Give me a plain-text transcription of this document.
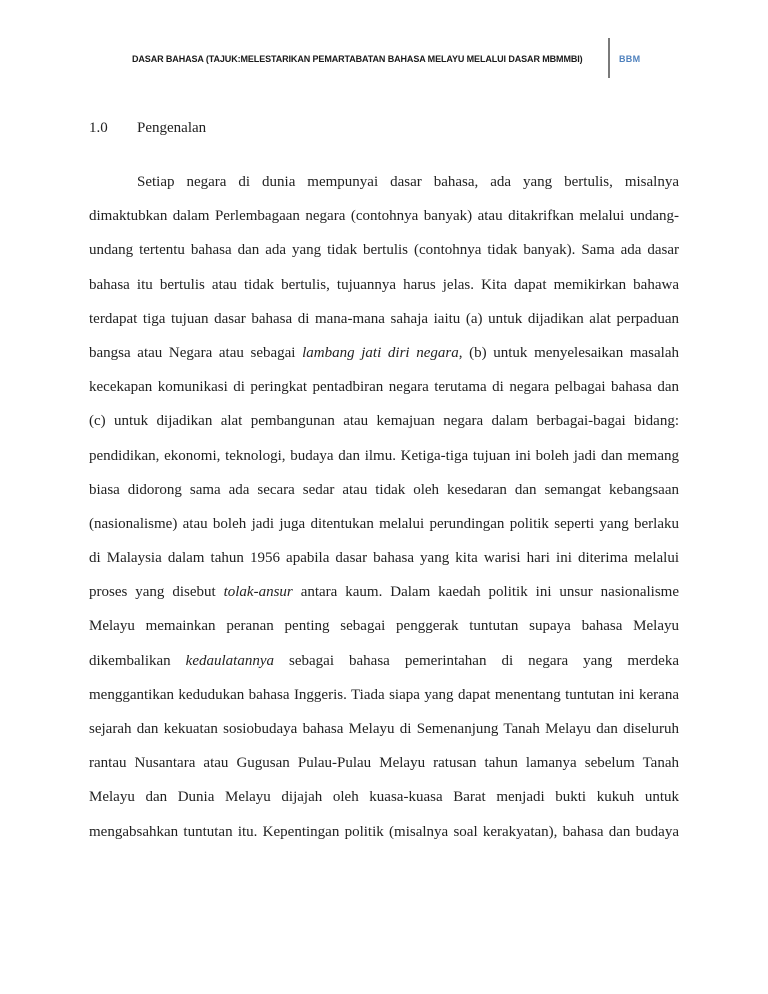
DASAR BAHASA (TAJUK:MELESTARIKAN PEMARTABATAN BAHASA MELAYU MELALUI DASAR MBMMBI)	BBM
1.0 Pengenalan
Setiap negara di dunia mempunyai dasar bahasa, ada yang bertulis, misalnya
dimaktubkan dalam Perlembagaan negara (contohnya banyak) atau ditakrifkan melalui undang-
undang tertentu bahasa dan ada yang tidak bertulis (contohnya tidak banyak). Sama ada dasar
bahasa itu bertulis atau tidak bertulis, tujuannya harus jelas. Kita dapat memikirkan bahawa
terdapat tiga tujuan dasar bahasa di mana-mana sahaja iaitu (a) untuk dijadikan alat perpaduan
bangsa atau Negara atau sebagai lambang jati diri negara, (b) untuk menyelesaikan masalah
kecekapan komunikasi di peringkat pentadbiran negara terutama di negara pelbagai bahasa dan
(c) untuk dijadikan alat pembangunan atau kemajuan negara dalam berbagai-bagai bidang:
pendidikan, ekonomi, teknologi, budaya dan ilmu. Ketiga-tiga tujuan ini boleh jadi dan memang
biasa didorong sama ada secara sedar atau tidak oleh kesedaran dan semangat kebangsaan
(nasionalisme) atau boleh jadi juga ditentukan melalui perundingan politik seperti yang berlaku
di Malaysia dalam tahun 1956 apabila dasar bahasa yang kita warisi hari ini diterima melalui
proses yang disebut tolak-ansur antara kaum. Dalam kaedah politik ini unsur nasionalisme
Melayu memainkan peranan penting sebagai penggerak tuntutan supaya bahasa Melayu
dikembalikan kedaulatannya sebagai bahasa pemerintahan di negara yang merdeka
menggantikan kedudukan bahasa Inggeris. Tiada siapa yang dapat menentang tuntutan ini kerana
sejarah dan kekuatan sosiobudaya bahasa Melayu di Semenanjung Tanah Melayu dan diseluruh
rantau Nusantara atau Gugusan Pulau-Pulau Melayu ratusan tahun lamanya sebelum Tanah
Melayu dan Dunia Melayu dijajah oleh kuasa-kuasa Barat menjadi bukti kukuh untuk
mengabsahkan tuntutan itu. Kepentingan politik (misalnya soal kerakyatan), bahasa dan budaya
